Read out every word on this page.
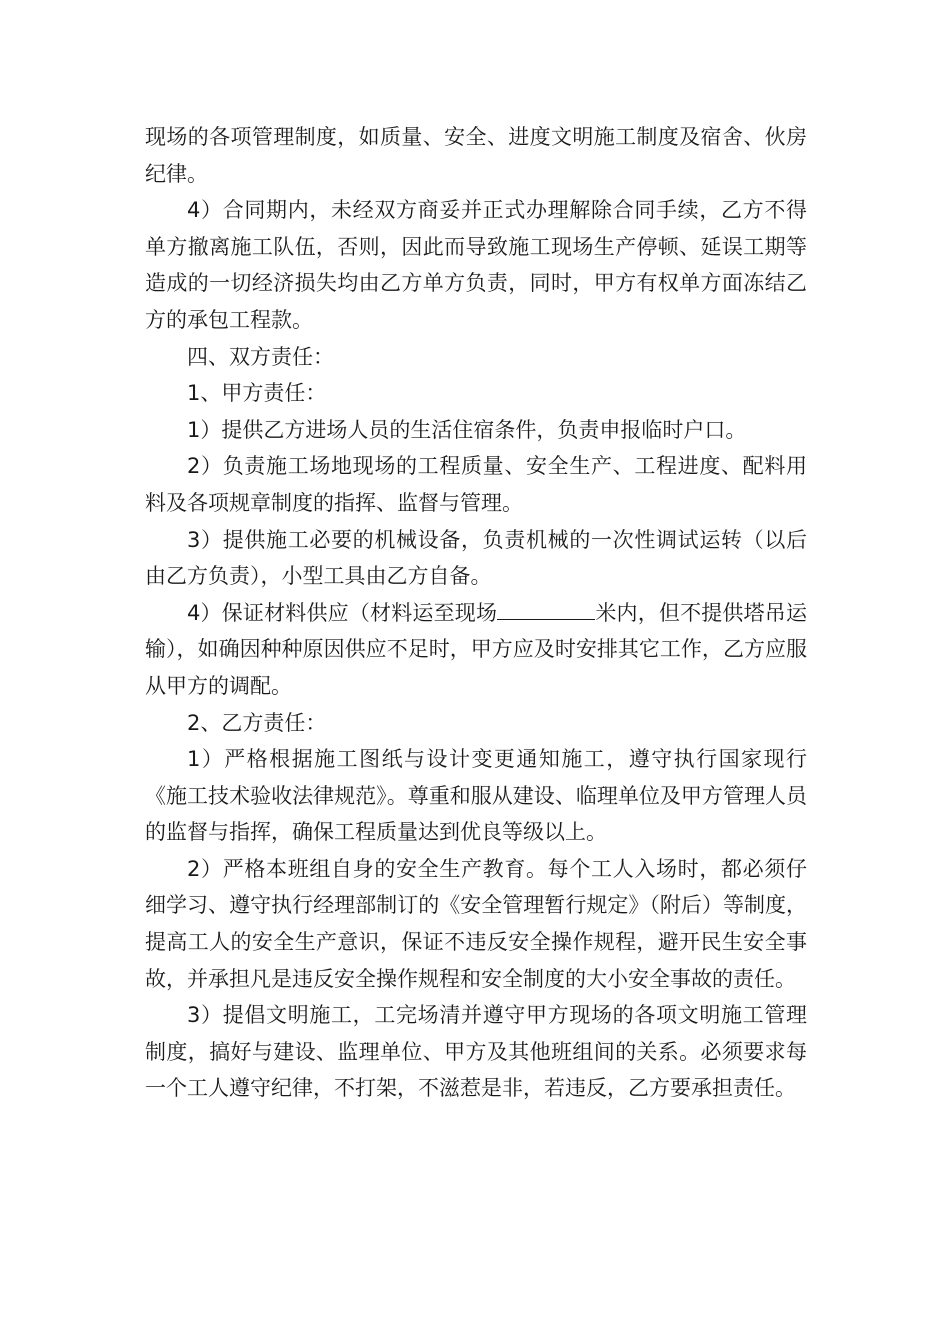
现场的各项管理制度，如质量、安全、进度文明施工制度及宿舍、伙房纪律。

4）合同期内，未经双方商妥并正式办理解除合同手续，乙方不得单方撤离施工队伍，否则，因此而导致施工现场生产停顿、延误工期等造成的一切经济损失均由乙方单方负责，同时，甲方有权单方面冻结乙方的承包工程款。

四、双方责任：

1、甲方责任：

1）提供乙方进场人员的生活住宿条件，负责申报临时户口。

2）负责施工场地现场的工程质量、安全生产、工程进度、配料用料及各项规章制度的指挥、监督与管理。

3）提供施工必要的机械设备，负责机械的一次性调试运转（以后由乙方负责），小型工具由乙方自备。

4）保证材料供应（材料运至现场	米内，但不提供塔吊运输），如确因种种原因供应不足时，甲方应及时安排其它工作，乙方应服从甲方的调配。

2、乙方责任：

1）严格根据施工图纸与设计变更通知施工，遵守执行国家现行《施工技术验收法律规范》。尊重和服从建设、临理单位及甲方管理人员的监督与指挥，确保工程质量达到优良等级以上。

2）严格本班组自身的安全生产教育。每个工人入场时，都必须仔细学习、遵守执行经理部制订的《安全管理暂行规定》（附后）等制度，提高工人的安全生产意识，保证不违反安全操作规程，避开民生安全事故，并承担凡是违反安全操作规程和安全制度的大小安全事故的责任。

3）提倡文明施工，工完场清并遵守甲方现场的各项文明施工管理制度，搞好与建设、监理单位、甲方及其他班组间的关系。必须要求每一个工人遵守纪律，不打架，不滋惹是非，若违反，乙方要承担责任。
